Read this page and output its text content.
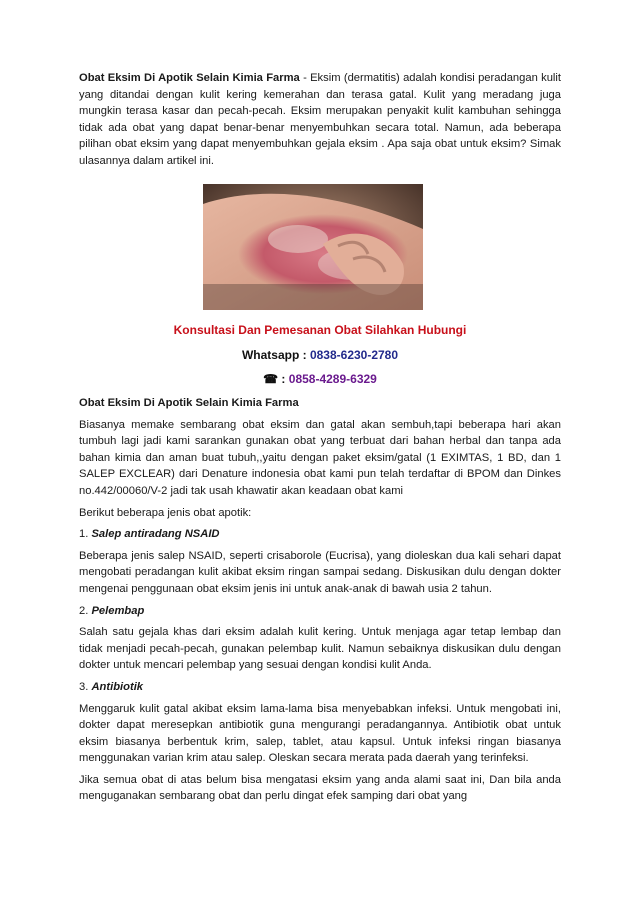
Obat Eksim Di Apotik Selain Kimia Farma - Eksim (dermatitis) adalah kondisi peradangan kulit yang ditandai dengan kulit kering kemerahan dan terasa gatal. Kulit yang meradang juga mungkin terasa kasar dan pecah-pecah. Eksim merupakan penyakit kulit kambuhan sehingga tidak ada obat yang dapat benar-benar menyembuhkan secara total. Namun, ada beberapa pilihan obat eksim yang dapat menyembuhkan gejala eksim . Apa saja obat untuk eksim? Simak ulasannya dalam artikel ini.

Konsultasi Dan Pemesanan Obat Silahkan Hubungi
Whatsapp : 0838-6230-2780
☎ : 0858-4289-6329

Obat Eksim Di Apotik Selain Kimia Farma

Biasanya memake sembarang obat eksim dan gatal akan sembuh,tapi beberapa hari akan tumbuh lagi jadi kami sarankan gunakan obat yang terbuat dari bahan herbal dan tanpa ada bahan kimia dan aman buat tubuh,,yaitu dengan paket eksim/gatal (1 EXIMTAS, 1 BD, dan 1 SALEP EXCLEAR) dari Denature indonesia obat kami pun telah terdaftar di BPOM dan Dinkes no.442/00060/V-2 jadi tak usah khawatir akan keadaan obat kami

Berikut beberapa jenis obat apotik:

1. Salep antiradang NSAID

Beberapa jenis salep NSAID, seperti crisaborole (Eucrisa), yang dioleskan dua kali sehari dapat mengobati peradangan kulit akibat eksim ringan sampai sedang. Diskusikan dulu dengan dokter mengenai penggunaan obat eksim jenis ini untuk anak-anak di bawah usia 2 tahun.

2. Pelembap

Salah satu gejala khas dari eksim adalah kulit kering. Untuk menjaga agar tetap lembap dan tidak menjadi pecah-pecah, gunakan pelembap kulit. Namun sebaiknya diskusikan dulu dengan dokter untuk mencari pelembap yang sesuai dengan kondisi kulit Anda.

3. Antibiotik

Menggaruk kulit gatal akibat eksim lama-lama bisa menyebabkan infeksi. Untuk mengobati ini, dokter dapat meresepkan antibiotik guna mengurangi peradangannya. Antibiotik obat untuk eksim biasanya berbentuk krim, salep, tablet, atau kapsul. Untuk infeksi ringan biasanya menggunakan varian krim atau salep. Oleskan secara merata pada daerah yang terinfeksi.

Jika semua obat di atas belum bisa mengatasi eksim yang anda alami saat ini, Dan bila anda menguganakan sembarang obat dan perlu dingat efek samping dari obat yang
